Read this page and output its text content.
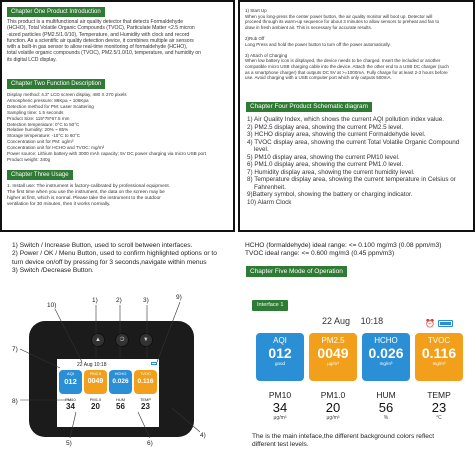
Chapter One Product Introduction
This product is a multifunctional air quality detector that detects Formaldehyde
(HCHO), Total Volatile Organic Compounds (TVOC), Particulate Matter <2.5 micron
-sized particles (PM2.5/1.0/10), Temperature, and Humidity with clock and record
function. As a scientific air quality detection device, it combines multiple air sensors
with a built-in gas sensor to allow real-time monitoring of formaldehyde (HCHO),
total volatile organic compounds (TVOC), PM2.5/1.0/10, temperature, and humidity on
its digital LCD display.
Chapter Two Function Description
Display method: 4.3" LCD screen display, 480 X 270 pixels
Atmospheric pressure: 86Kpa ~ 106Kpa
Detection method for PM: Laser Scattering
Sampling time: 1.5 seconds
Product Size: 115*78*67.5 mm
Detection temperature: 0°C to 50°C
Relative humidity: 20% ~ 85%
Storage temperature: -10°C to 60°C
Concentration unit for PM: ug/m³
Concentration unit for HCHO and TVOC: mg/m³
Power source: Lithium battery with 3000 mAh capacity; 5V DC power charging via micro USB port
Product weight: 340g
Chapter Three Usage
1. Install use: The instrument is factory-calibrated by professional equipment.
The first time when you use the instrument, the data on the screen may be
higher at first, which is normal. Please take the instrument to the outdoor
ventilation for 30 minutes, then it works normally.
1) Start Up
When you long-press the center power button, the air quality monitor will boot up. Detector will
proceed through its warm-up sequence for about 3 minutes to allow sensors to preheat and fan to
draw in fresh ambient air. This is necessary for accurate results.
2)Rub Off
Long Press and hold the power button to turn off the power automatically.
3) Attach of Charging
When low battery icon is displayed, the device needs to be charged. Insert the included or another
compatible micro USB charging cable into the device. Attach the other end to a USB DC charger (such
as a smartphone charger) that outputs DC 5V at >=1000mA. Fully charge for at least 2-3 hours before
use. Avoid charging with a USB computer port which only outputs 500mA.
Chapter Four Product Schematic diagram
1) Air Quality Index, which shows the current AQI pollution index value.
2) PM2.5 display area, showing the current PM2.5 level.
3) HCHO display area, showing the current Formaldehyde level.
4) TVOC display area, showing the current Total Volatile Organic Compound
level.
5) PM10 display area, showing the current PM10 level.
6) PM1.0 display area, showing the current PM1.0 level.
7) Humidity display area, showing the current humidity level.
8) Temperature display area, showing the current temperature in Celsius or
Fahrenheit.
9)Battery symbol, showing the battery or charging indicator.
10) Alarm Clock
1) Switch / Increase Button, used to scroll between interfaces.
2) Power / OK / Menu Button, used to confirm highlighted options or to
turn device on/off by pressing for 3 seconds,navigate within menus
3) Switch /Decrease Button.
▲	⏻	▼
22 Aug 10:18
AQI
012
PM2.5
0049
HCHO
0.026
TVOC
0.116
PM10
34
PM1.0
20
HUM
56
TEMP
23
1)	2)	3)	9)
10)
7)
8)
5)	6)
4)
HCHO (formaldehyde) ideal range: <= 0.100 mg/m3 (0.08 ppm/m3)
TVOC ideal range: <= 0.600 mg/m3 (0.45 ppm/m3)
Chapter Five Mode of Operation
Interface 1
22 Aug 10:18	⏰
AQI
012
good
PM2.5
0049
μg/m³
HCHO
0.026
mg/m³
TVOC
0.116
mg/m³
PM10
34
μg/m³
PM1.0
20
μg/m³
HUM
56
%
TEMP
23
°C
The is the main inteface,the different background colors reflect
different test levels.
